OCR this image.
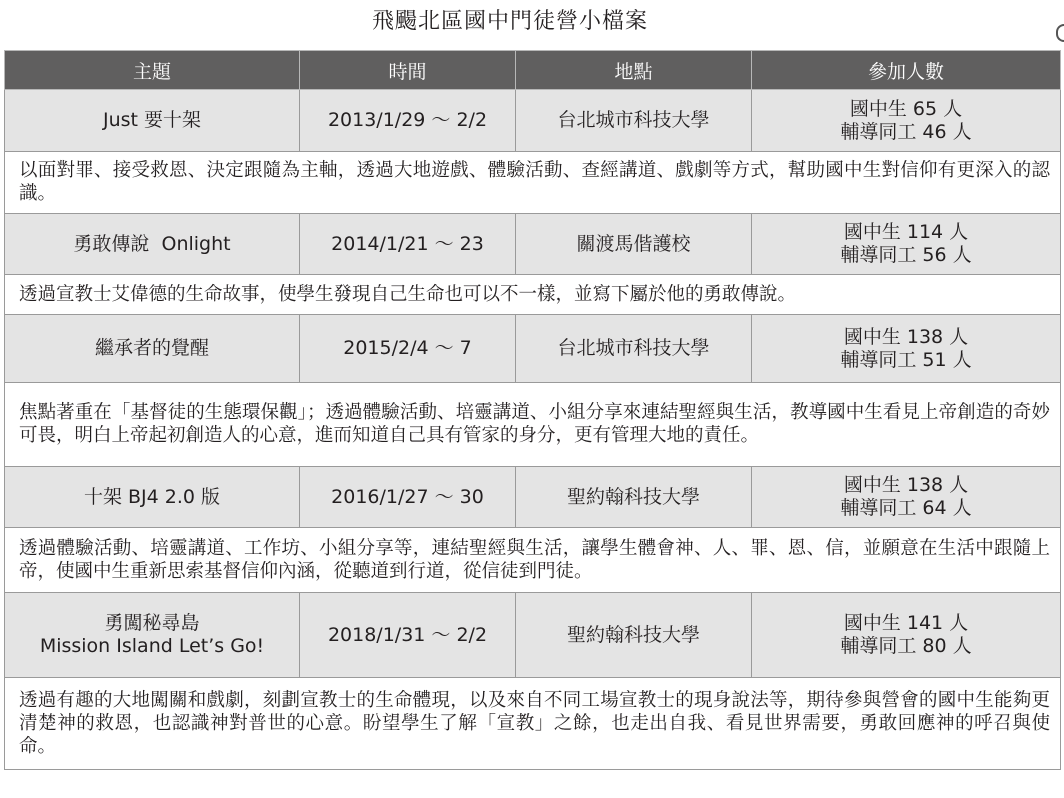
飛颺北區國中門徒營小檔案
主題	時間	地點	參加人數
Just 要十架	2013/1/29 ～ 2/2	台北城市科技大學	國中生 65 人
輔導同工 46 人

以面對罪、接受救恩、決定跟隨為主軸，透過大地遊戲、體驗活動、查經講道、戲劇等方式，幫助國中生對信仰有更深入的認識。			
勇敢傳說  Onlight	2014/1/21 ～ 23	關渡馬偕護校	國中生 114 人
輔導同工 56 人

透過宣教士艾偉德的生命故事，使學生發現自己生命也可以不一樣，並寫下屬於他的勇敢傳說。			
繼承者的覺醒	2015/2/4 ～ 7	台北城市科技大學	國中生 138 人
輔導同工 51 人

焦點著重在「基督徒的生態環保觀」；透過體驗活動、培靈講道、小組分享來連結聖經與生活，教導國中生看見上帝創造的奇妙可畏，明白上帝起初創造人的心意，進而知道自己具有管家的身分，更有管理大地的責任。			
十架 BJ4 2.0 版	2016/1/27 ～ 30	聖約翰科技大學	國中生 138 人
輔導同工 64 人

透過體驗活動、培靈講道、工作坊、小組分享等，連結聖經與生活，讓學生體會神、人、罪、恩、信，並願意在生活中跟隨上帝，使國中生重新思索基督信仰內涵，從聽道到行道，從信徒到門徒。			

勇闖秘尋島
Mission Island Let’s Go!	2018/1/31 ～ 2/2	聖約翰科技大學	國中生 141 人
輔導同工 80 人

透過有趣的大地闖關和戲劇，刻劃宣教士的生命體現，以及來自不同工場宣教士的現身說法等，期待參與營會的國中生能夠更清楚神的救恩，也認識神對普世的心意。盼望學生了解「宣教」之餘，也走出自我、看見世界需要，勇敢回應神的呼召與使命。			
